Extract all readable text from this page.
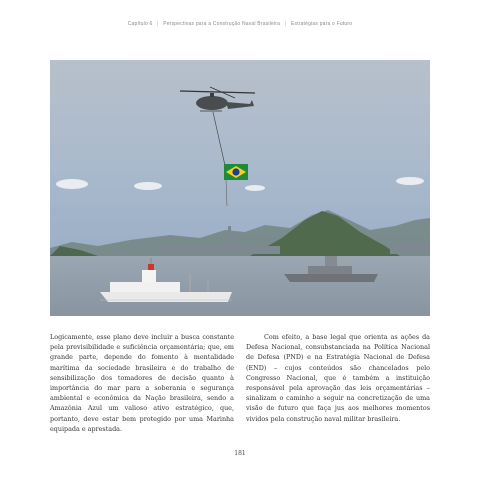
Capítulo 6 | Perspectivas para a Construção Naval Brasileira | Estratégias para o Futuro

Logicamente, esse plano deve incluir a busca constante pela previsibilidade e suficiência orçamentária; que, em grande parte, depende do fomento à mentalidade marítima da sociedade brasileira e do trabalho de sensibilização dos tomadores de decisão quanto à importância do mar para a soberania e segurança ambiental e econômica da Nação brasileira, sendo a Amazônia Azul um valioso ativo estratégico, que, portanto, deve estar bem protegido por uma Marinha equipada e aprestada.

Com efeito, a base legal que orienta as ações da Defesa Nacional, consubstanciada na Política Nacional de Defesa (PND) e na Estratégia Nacional de Defesa (END) – cujos conteúdos são chancelados pelo Congresso Nacional, que é também a instituição responsável pela aprovação das leis orçamentárias – sinalizam o caminho a seguir na concretização de uma visão de futuro que faça jus aos melhores momentos vividos pela construção naval militar brasileira.

181
